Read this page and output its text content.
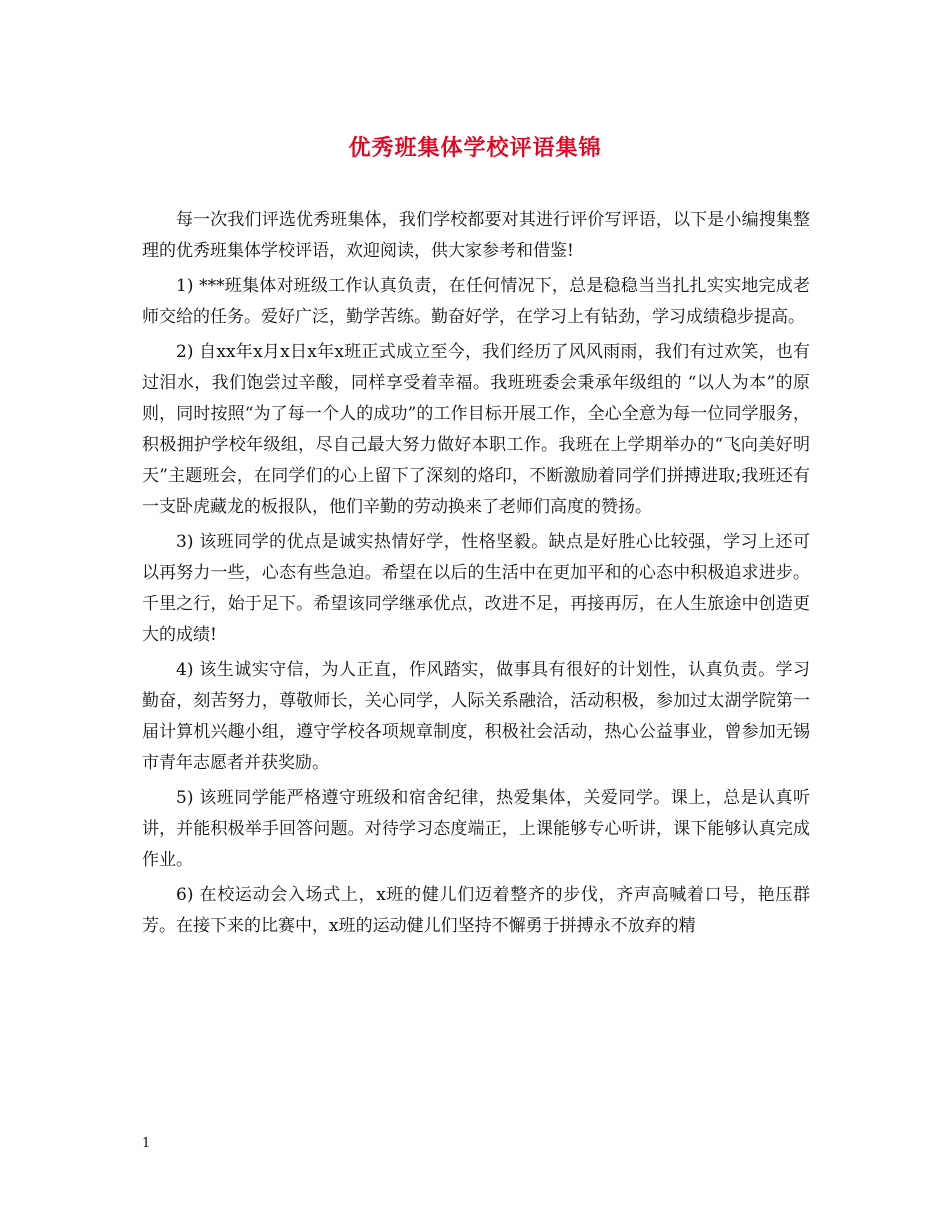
优秀班集体学校评语集锦

每一次我们评选优秀班集体，我们学校都要对其进行评价写评语，以下是小编搜集整理的优秀班集体学校评语，欢迎阅读，供大家参考和借鉴!

1) ***班集体对班级工作认真负责，在任何情况下，总是稳稳当当扎扎实实地完成老师交给的任务。爱好广泛，勤学苦练。勤奋好学，在学习上有钻劲，学习成绩稳步提高。

2) 自xx年x月x日x年x班正式成立至今，我们经历了风风雨雨，我们有过欢笑，也有过泪水，我们饱尝过辛酸，同样享受着幸福。我班班委会秉承年级组的 “以人为本”的原则，同时按照“为了每一个人的成功”的工作目标开展工作，全心全意为每一位同学服务，积极拥护学校年级组，尽自己最大努力做好本职工作。我班在上学期举办的“飞向美好明天”主题班会，在同学们的心上留下了深刻的烙印，不断激励着同学们拼搏进取;我班还有一支卧虎藏龙的板报队，他们辛勤的劳动换来了老师们高度的赞扬。

3) 该班同学的优点是诚实热情好学，性格坚毅。缺点是好胜心比较强，学习上还可以再努力一些，心态有些急迫。希望在以后的生活中在更加平和的心态中积极追求进步。千里之行，始于足下。希望该同学继承优点，改进不足，再接再厉，在人生旅途中创造更大的成绩!

4) 该生诚实守信，为人正直，作风踏实，做事具有很好的计划性，认真负责。学习勤奋，刻苦努力，尊敬师长，关心同学，人际关系融洽，活动积极，参加过太湖学院第一届计算机兴趣小组，遵守学校各项规章制度，积极社会活动，热心公益事业，曾参加无锡市青年志愿者并获奖励。

5) 该班同学能严格遵守班级和宿舍纪律，热爱集体，关爱同学。课上，总是认真听讲，并能积极举手回答问题。对待学习态度端正，上课能够专心听讲，课下能够认真完成作业。

6) 在校运动会入场式上，x班的健儿们迈着整齐的步伐，齐声高喊着口号，艳压群芳。在接下来的比赛中，x班的运动健儿们坚持不懈勇于拼搏永不放弃的精

1
